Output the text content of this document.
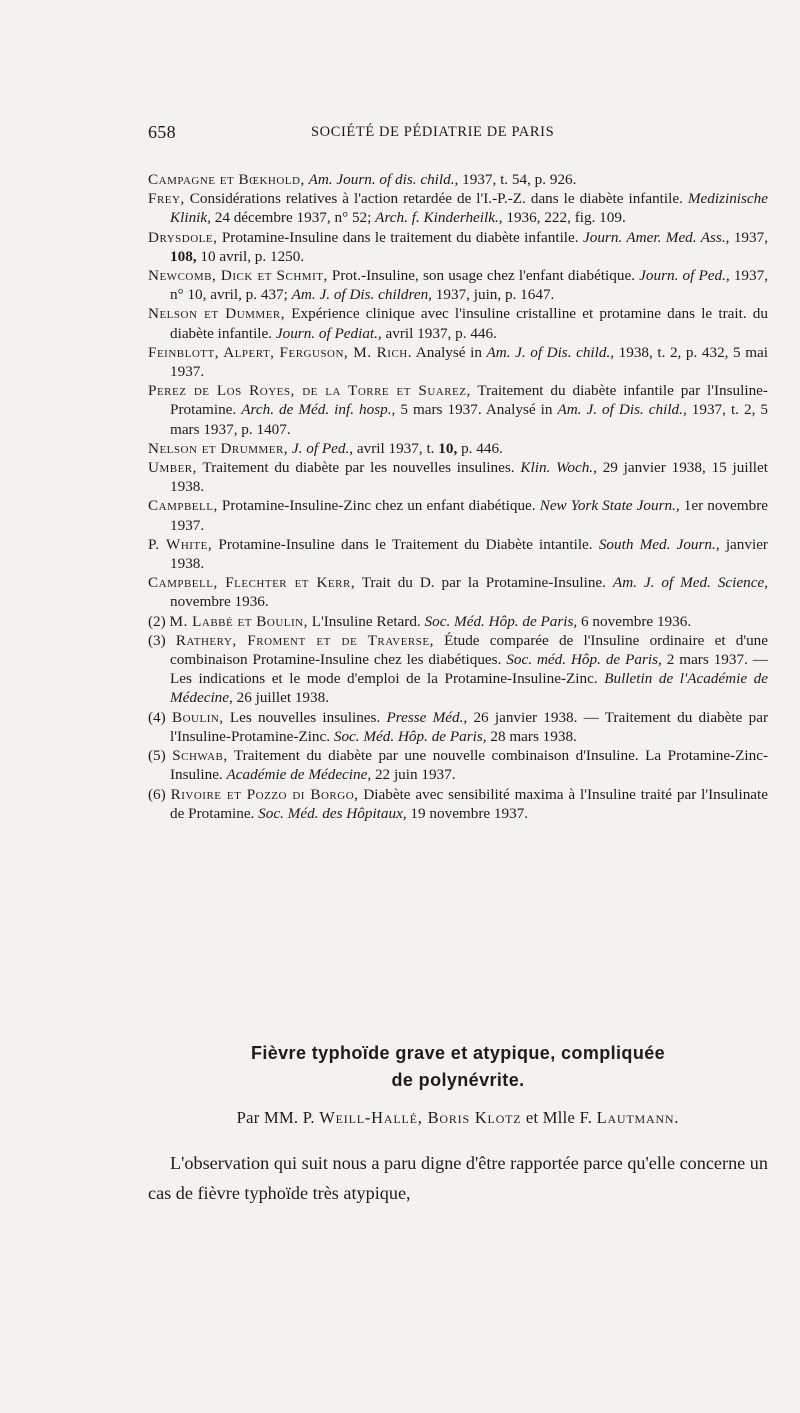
658	SOCIÉTÉ DE PÉDIATRIE DE PARIS

Campagne et Bœkhold, Am. Journ. of dis. child., 1937, t. 54, p. 926.

Frey, Considérations relatives à l'action retardée de l'I.-P.-Z. dans le diabète infantile. Medizinische Klinik, 24 décembre 1937, n° 52; Arch. f. Kinderheilk., 1936, 222, fig. 109.

Drysdole, Protamine-Insuline dans le traitement du diabète infantile. Journ. Amer. Med. Ass., 1937, 108, 10 avril, p. 1250.

Newcomb, Dick et Schmit, Prot.-Insuline, son usage chez l'enfant diabétique. Journ. of Ped., 1937, n° 10, avril, p. 437; Am. J. of Dis. children, 1937, juin, p. 1647.

Nelson et Dummer, Expérience clinique avec l'insuline cristalline et protamine dans le trait. du diabète infantile. Journ. of Pediat., avril 1937, p. 446.

Feinblott, Alpert, Ferguson, M. Rich. Analysé in Am. J. of Dis. child., 1938, t. 2, p. 432, 5 mai 1937.

Perez de Los Royes, de la Torre et Suarez, Traitement du diabète infantile par l'Insuline-Protamine. Arch. de Méd. inf. hosp., 5 mars 1937. Analysé in Am. J. of Dis. child., 1937, t. 2, 5 mars 1937, p. 1407.

Nelson et Drummer, J. of Ped., avril 1937, t. 10, p. 446.

Umber, Traitement du diabète par les nouvelles insulines. Klin. Woch., 29 janvier 1938, 15 juillet 1938.

Campbell, Protamine-Insuline-Zinc chez un enfant diabétique. New York State Journ., 1er novembre 1937.

P. White, Protamine-Insuline dans le Traitement du Diabète intantile. South Med. Journ., janvier 1938.

Campbell, Flechter et Kerr, Trait du D. par la Protamine-Insuline. Am. J. of Med. Science, novembre 1936.

(2) M. Labbé et Boulin, L'Insuline Retard. Soc. Méd. Hôp. de Paris, 6 novembre 1936.

(3) Rathery, Froment et de Traverse, Étude comparée de l'Insuline ordinaire et d'une combinaison Protamine-Insuline chez les diabétiques. Soc. méd. Hôp. de Paris, 2 mars 1937. — Les indications et le mode d'emploi de la Protamine-Insuline-Zinc. Bulletin de l'Académie de Médecine, 26 juillet 1938.

(4) Boulin, Les nouvelles insulines. Presse Méd., 26 janvier 1938. — Traitement du diabète par l'Insuline-Protamine-Zinc. Soc. Méd. Hôp. de Paris, 28 mars 1938.

(5) Schwab, Traitement du diabète par une nouvelle combinaison d'Insuline. La Protamine-Zinc-Insuline. Académie de Médecine, 22 juin 1937.

(6) Rivoire et Pozzo di Borgo, Diabète avec sensibilité maxima à l'Insuline traité par l'Insulinate de Protamine. Soc. Méd. des Hôpitaux, 19 novembre 1937.

Fièvre typhoïde grave et atypique, compliquée
de polynévrite.

Par MM. P. Weill-Hallé, Boris Klotz et Mlle F. Lautmann.

L'observation qui suit nous a paru digne d'être rapportée parce qu'elle concerne un cas de fièvre typhoïde très atypique,
